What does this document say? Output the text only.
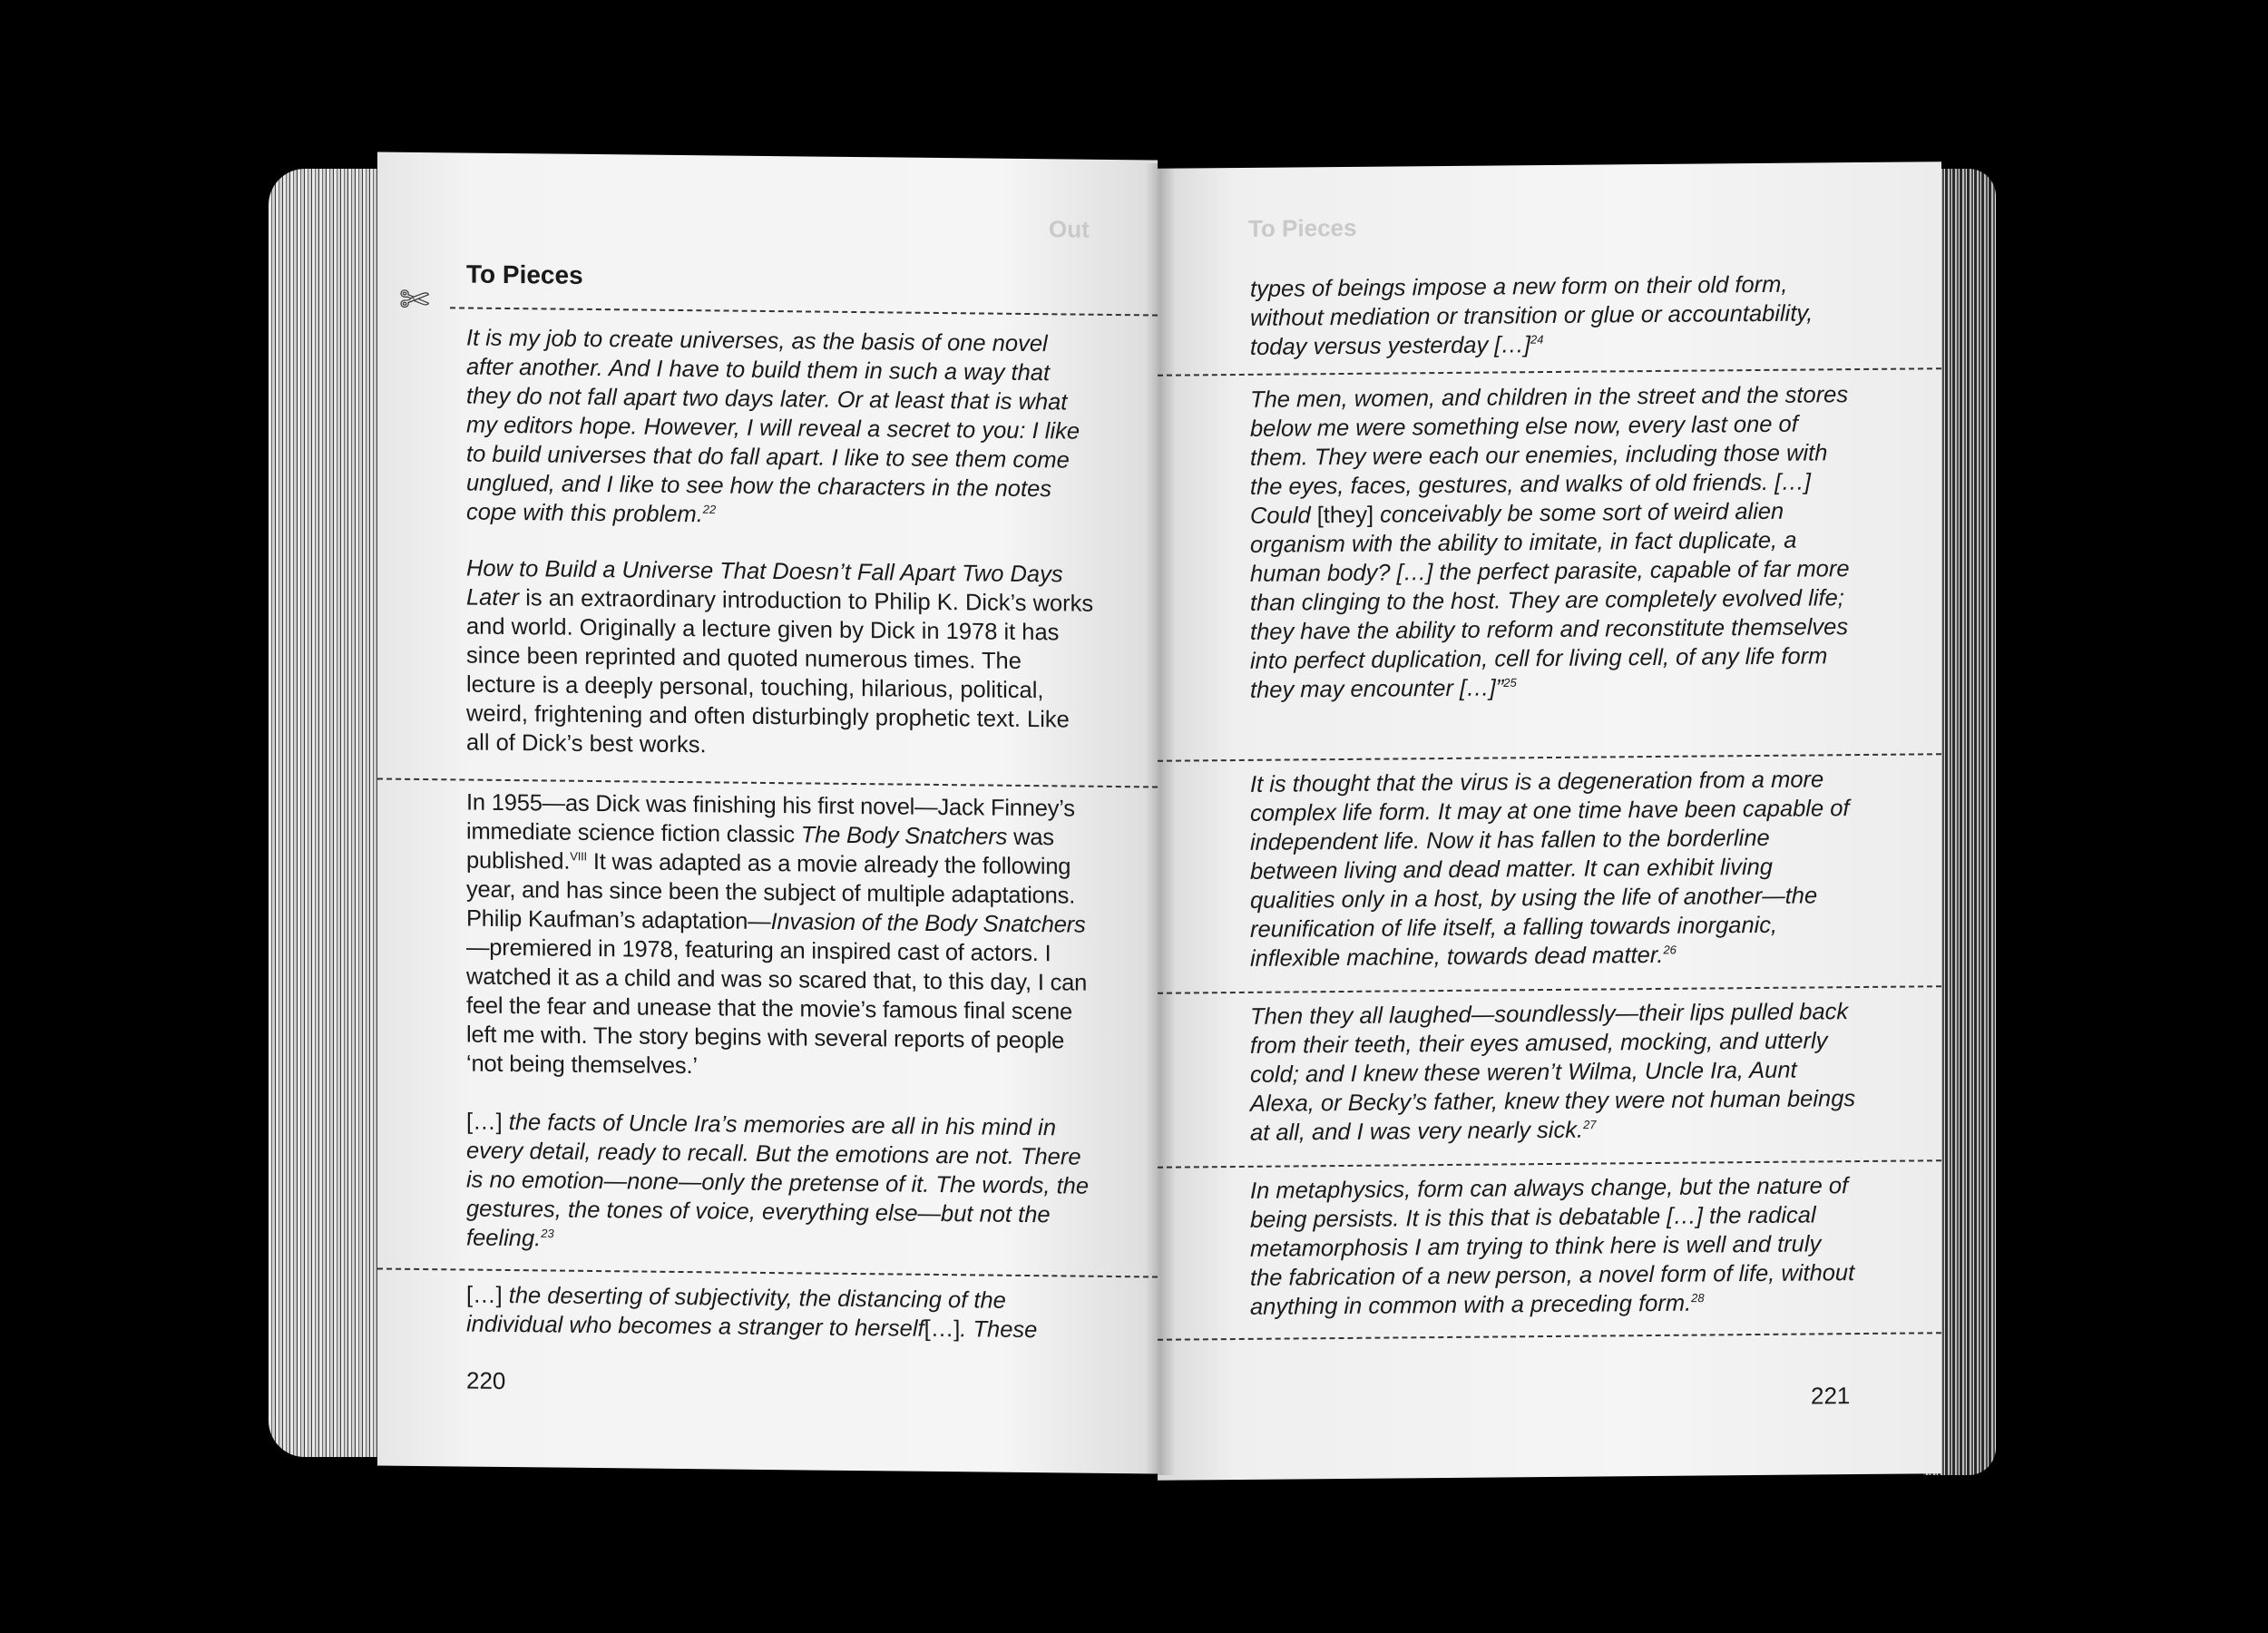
Out
To Pieces
✄

It is my job to create universes, as the basis of one novel after another. And I have to build them in such a way that they do not fall apart two days later. Or at least that is what my editors hope. However, I will reveal a secret to you: I like to build universes that do fall apart. I like to see them come unglued, and I like to see how the characters in the notes cope with this problem.$^{22}$

How to Build a Universe That Doesn’t Fall Apart Two Days Later is an extraordinary introduction to Philip K. Dick’s works and world. Originally a lecture given by Dick in 1978 it has since been reprinted and quoted numerous times. The lecture is a deeply personal, touching, hilarious, political, weird, frightening and often disturbingly prophetic text. Like all of Dick’s best works.

In 1955—as Dick was finishing his first novel—Jack Finney’s immediate science fiction classic The Body Snatchers was published.$^{VIII}$ It was adapted as a movie already the following year, and has since been the subject of multiple adaptations. Philip Kaufman’s adaptation—Invasion of the Body Snatchers—premiered in 1978, featuring an inspired cast of actors. I watched it as a child and was so scared that, to this day, I can feel the fear and unease that the movie’s famous final scene left me with. The story begins with several reports of people ‘not being themselves.’

[…] the facts of Uncle Ira’s memories are all in his mind in every detail, ready to recall. But the emotions are not. There is no emotion—none—only the pretense of it. The words, the gestures, the tones of voice, everything else—but not the feeling.$^{23}$

[…] the deserting of subjectivity, the distancing of the individual who becomes a stranger to herself[…]. These

220
To Pieces

types of beings impose a new form on their old form, without mediation or transition or glue or accountability, today versus yesterday […]$^{24}$

The men, women, and children in the street and the stores below me were something else now, every last one of them. They were each our enemies, including those with the eyes, faces, gestures, and walks of old friends. […] Could [they] conceivably be some sort of weird alien organism with the ability to imitate, in fact duplicate, a human body? […] the perfect parasite, capable of far more than clinging to the host. They are completely evolved life; they have the ability to reform and reconstitute themselves into perfect duplication, cell for living cell, of any life form they may encounter […]”$^{25}$

It is thought that the virus is a degeneration from a more complex life form. It may at one time have been capable of independent life. Now it has fallen to the borderline between living and dead matter. It can exhibit living qualities only in a host, by using the life of another—the reunification of life itself, a falling towards inorganic, inflexible machine, towards dead matter.$^{26}$

Then they all laughed—soundlessly—their lips pulled back from their teeth, their eyes amused, mocking, and utterly cold; and I knew these weren’t Wilma, Uncle Ira, Aunt Alexa, or Becky’s father, knew they were not human beings at all, and I was very nearly sick.$^{27}$

In metaphysics, form can always change, but the nature of being persists. It is this that is debatable […] the radical metamorphosis I am trying to think here is well and truly the fabrication of a new person, a novel form of life, without anything in common with a preceding form.$^{28}$

221
